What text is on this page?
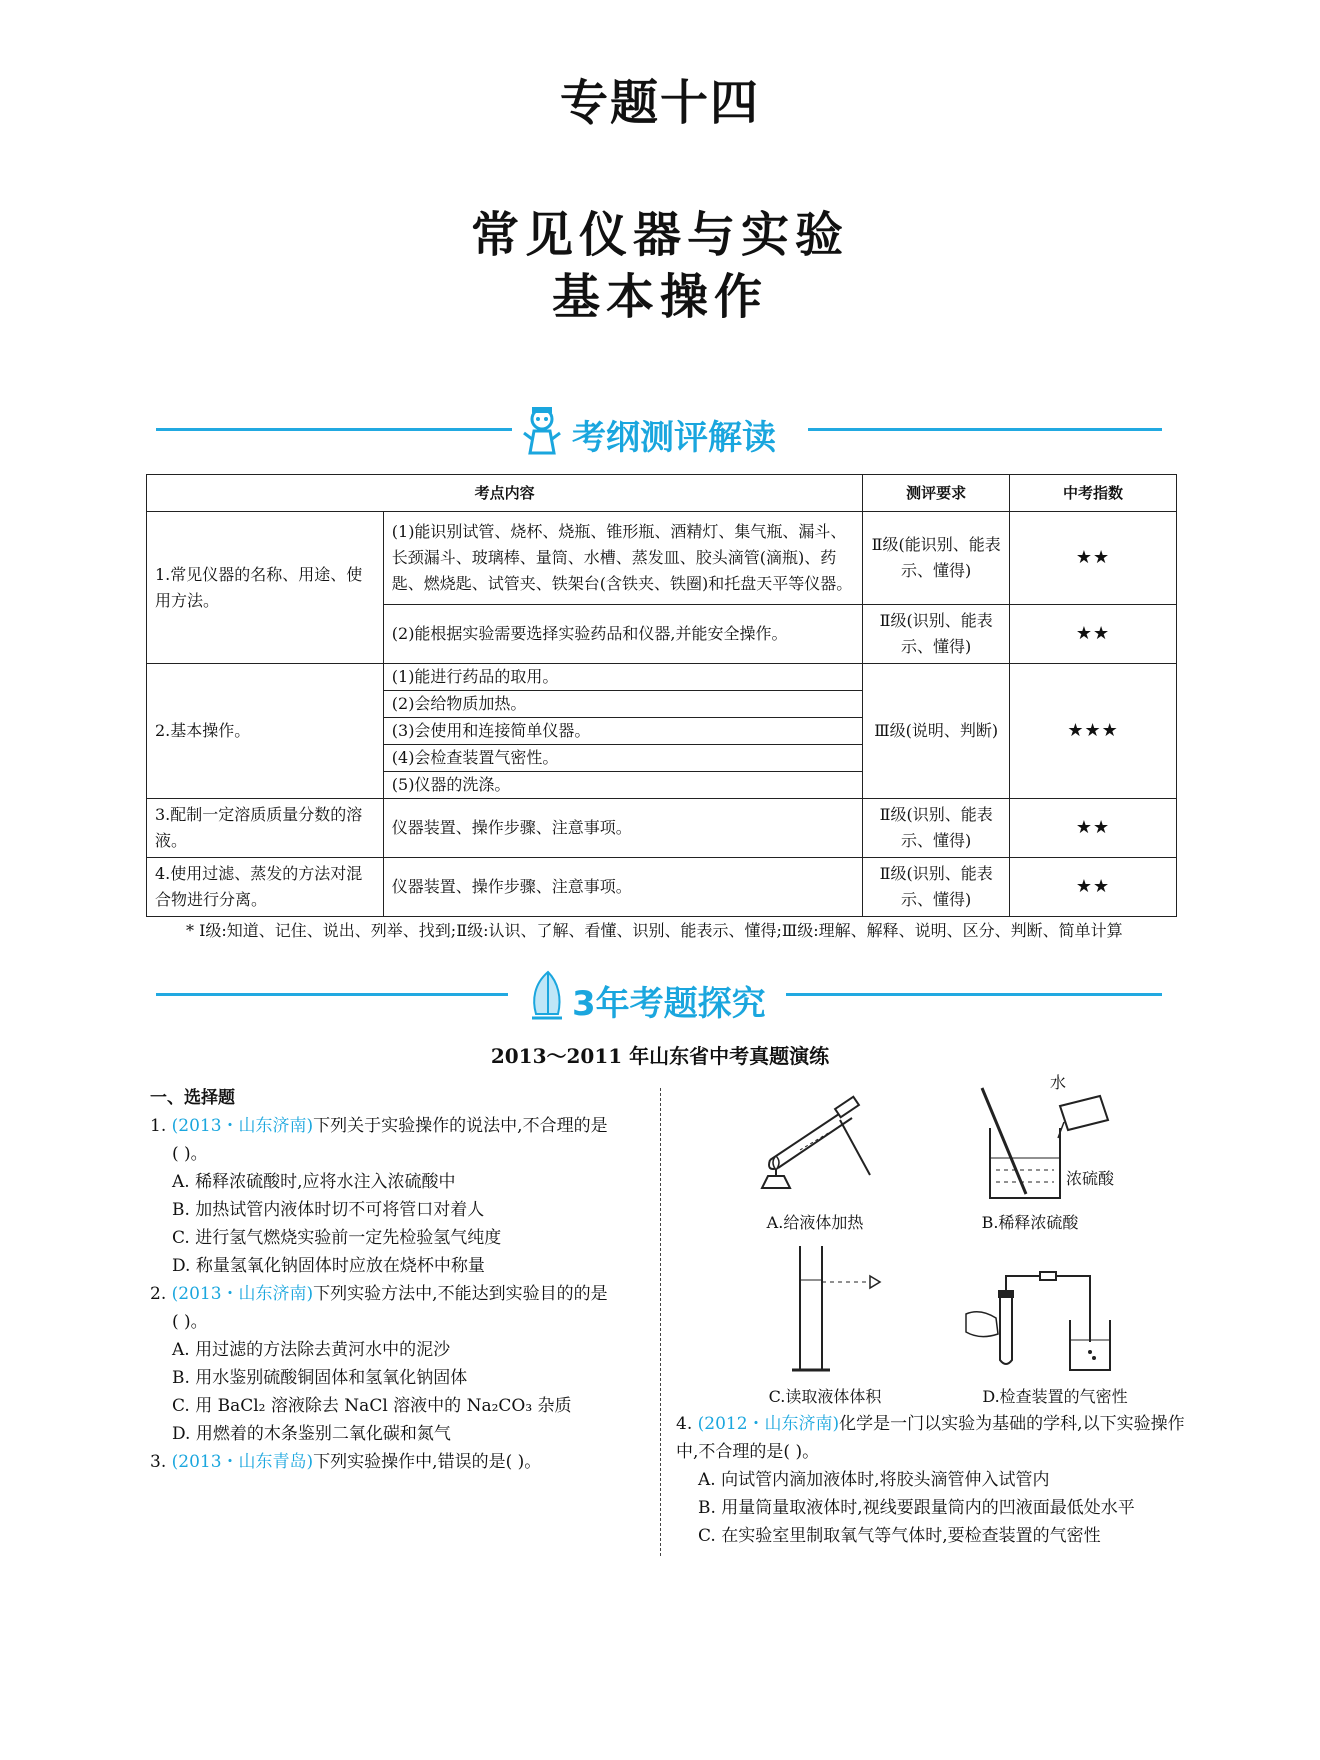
专题十四
常见仪器与实验
基本操作
考纲测评解读
考点内容		测评要求	中考指数
1.常见仪器的名称、用途、使用方法。	(1)能识别试管、烧杯、烧瓶、锥形瓶、酒精灯、集气瓶、漏斗、长颈漏斗、玻璃棒、量筒、水槽、蒸发皿、胶头滴管(滴瓶)、药匙、燃烧匙、试管夹、铁架台(含铁夹、铁圈)和托盘天平等仪器。	Ⅱ级(能识别、能表示、懂得)	★★
	(2)能根据实验需要选择实验药品和仪器,并能安全操作。	Ⅱ级(识别、能表示、懂得)	★★
2.基本操作。	(1)能进行药品的取用。	Ⅲ级(说明、判断)	★★★
	(2)会给物质加热。		
	(3)会使用和连接简单仪器。		
	(4)会检查装置气密性。		
	(5)仪器的洗涤。		
3.配制一定溶质质量分数的溶液。	仪器装置、操作步骤、注意事项。	Ⅱ级(识别、能表示、懂得)	★★
4.使用过滤、蒸发的方法对混合物进行分离。	仪器装置、操作步骤、注意事项。	Ⅱ级(识别、能表示、懂得)	★★
* Ⅰ级:知道、记住、说出、列举、找到;Ⅱ级:认识、了解、看懂、识别、能表示、懂得;Ⅲ级:理解、解释、说明、区分、判断、简单计算
3年考题探究
2013～2011 年山东省中考真题演练
一、选择题
1. (2013・山东济南)下列关于实验操作的说法中,不合理的是
( )。
A. 稀释浓硫酸时,应将水注入浓硫酸中
B. 加热试管内液体时切不可将管口对着人
C. 进行氢气燃烧实验前一定先检验氢气纯度
D. 称量氢氧化钠固体时应放在烧杯中称量
2. (2013・山东济南)下列实验方法中,不能达到实验目的的是
( )。
A. 用过滤的方法除去黄河水中的泥沙
B. 用水鉴别硫酸铜固体和氢氧化钠固体
C. 用 BaCl₂ 溶液除去 NaCl 溶液中的 Na₂CO₃ 杂质
D. 用燃着的木条鉴别二氧化碳和氮气
3. (2013・山东青岛)下列实验操作中,错误的是( )。
A.给液体加热
水
浓硫酸
B.稀释浓硫酸
C.读取液体体积	D.检查装置的气密性
4. (2012・山东济南)化学是一门以实验为基础的学科,以下实验操作中,不合理的是( )。
A. 向试管内滴加液体时,将胶头滴管伸入试管内
B. 用量筒量取液体时,视线要跟量筒内的凹液面最低处水平
C. 在实验室里制取氧气等气体时,要检查装置的气密性
